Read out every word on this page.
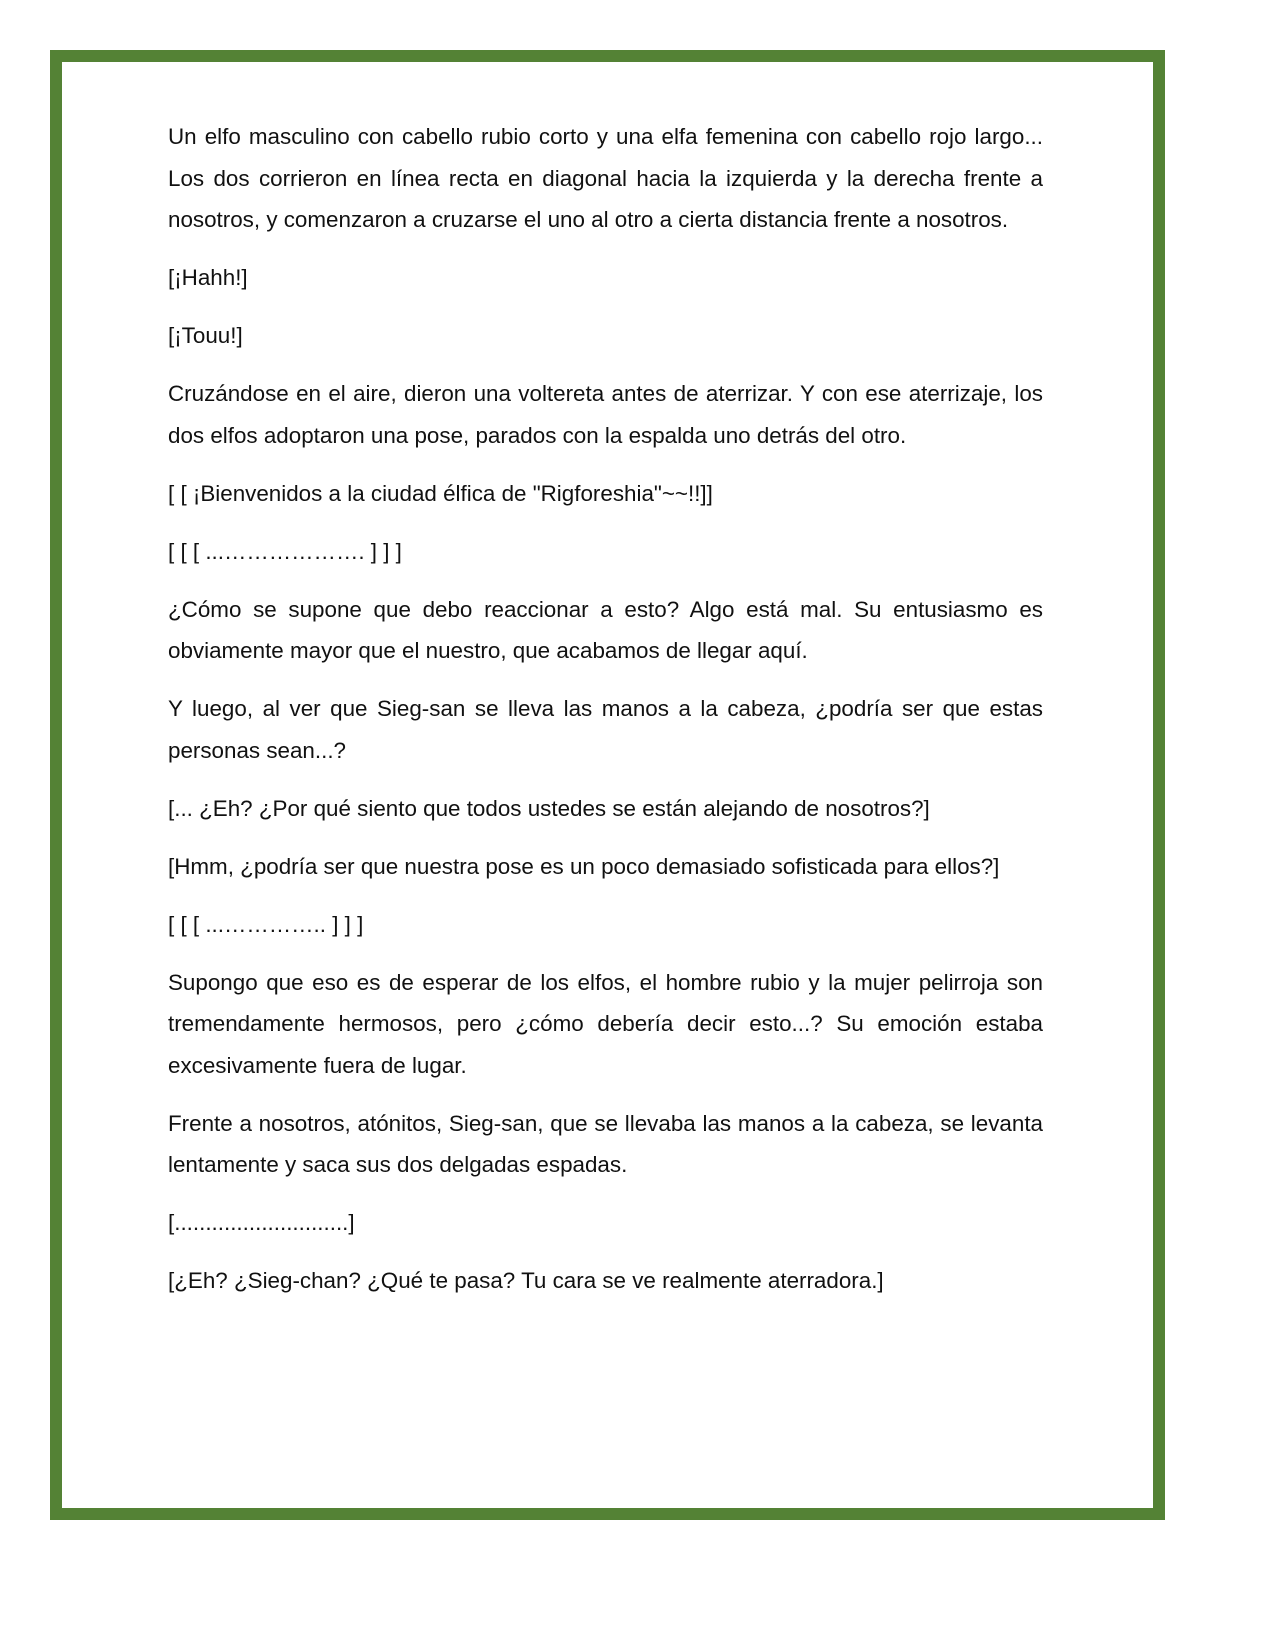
Un elfo masculino con cabello rubio corto y una elfa femenina con cabello rojo largo... Los dos corrieron en línea recta en diagonal hacia la izquierda y la derecha frente a nosotros, y comenzaron a cruzarse el uno al otro a cierta distancia frente a nosotros.

[¡Hahh!]

[¡Touu!]

Cruzándose en el aire, dieron una voltereta antes de aterrizar. Y con ese aterrizaje, los dos elfos adoptaron una pose, parados con la espalda uno detrás del otro.

[ [ ¡Bienvenidos a la ciudad élfica de "Rigforeshia"~~!!]]

[ [ [ ...………………. ] ] ]

¿Cómo se supone que debo reaccionar a esto? Algo está mal. Su entusiasmo es obviamente mayor que el nuestro, que acabamos de llegar aquí.

Y luego, al ver que Sieg-san se lleva las manos a la cabeza, ¿podría ser que estas personas sean...?

[... ¿Eh? ¿Por qué siento que todos ustedes se están alejando de nosotros?]

[Hmm, ¿podría ser que nuestra pose es un poco demasiado sofisticada para ellos?]

[ [ [ ...………….. ] ] ]

Supongo que eso es de esperar de los elfos, el hombre rubio y la mujer pelirroja son tremendamente hermosos, pero ¿cómo debería decir esto...? Su emoción estaba excesivamente fuera de lugar.

Frente a nosotros, atónitos, Sieg-san, que se llevaba las manos a la cabeza, se levanta lentamente y saca sus dos delgadas espadas.

[............................]

[¿Eh? ¿Sieg-chan? ¿Qué te pasa? Tu cara se ve realmente aterradora.]
